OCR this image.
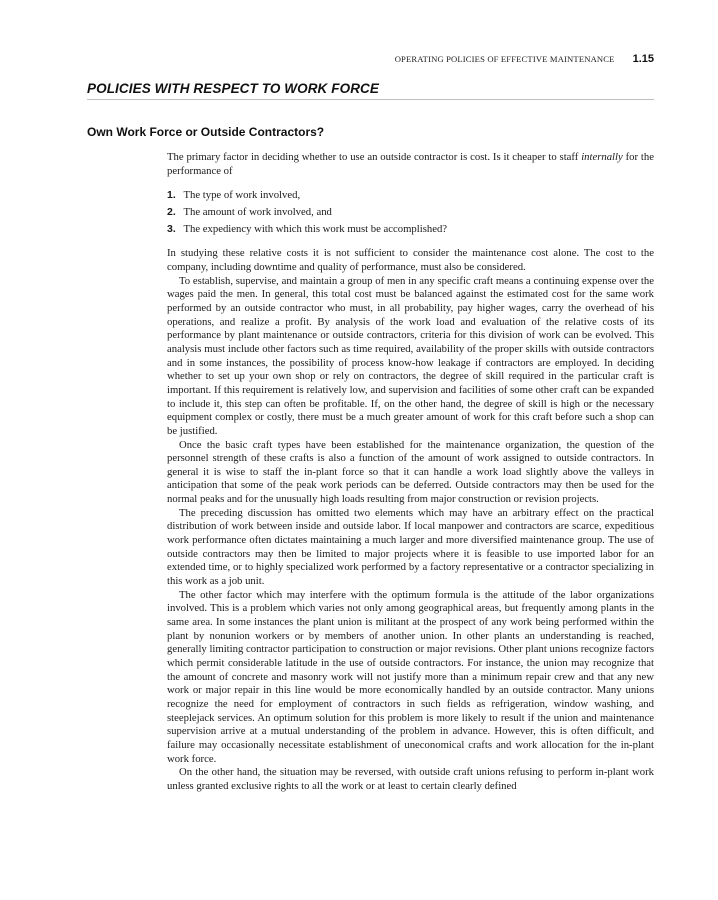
OPERATING POLICIES OF EFFECTIVE MAINTENANCE 1.15
POLICIES WITH RESPECT TO WORK FORCE
Own Work Force or Outside Contractors?

The primary factor in deciding whether to use an outside contractor is cost. Is it cheaper to staff internally for the performance of

1. The type of work involved,
2. The amount of work involved, and
3. The expediency with which this work must be accomplished?

In studying these relative costs it is not sufficient to consider the maintenance cost alone. The cost to the company, including downtime and quality of performance, must also be considered.

To establish, supervise, and maintain a group of men in any specific craft means a continuing expense over the wages paid the men. In general, this total cost must be balanced against the estimated cost for the same work performed by an outside contractor who must, in all probability, pay higher wages, carry the overhead of his operations, and realize a profit. By analysis of the work load and evaluation of the relative costs of its performance by plant maintenance or outside contractors, criteria for this division of work can be evolved. This analysis must include other factors such as time required, availability of the proper skills with outside contractors and in some instances, the possibility of process know-how leakage if contractors are employed. In deciding whether to set up your own shop or rely on contractors, the degree of skill required in the particular craft is important. If this requirement is relatively low, and supervision and facilities of some other craft can be expanded to include it, this step can often be profitable. If, on the other hand, the degree of skill is high or the necessary equipment complex or costly, there must be a much greater amount of work for this craft before such a shop can be justified.

Once the basic craft types have been established for the maintenance organization, the question of the personnel strength of these crafts is also a function of the amount of work assigned to outside contractors. In general it is wise to staff the in-plant force so that it can handle a work load slightly above the valleys in anticipation that some of the peak work periods can be deferred. Outside contractors may then be used for the normal peaks and for the unusually high loads resulting from major construction or revision projects.

The preceding discussion has omitted two elements which may have an arbitrary effect on the practical distribution of work between inside and outside labor. If local manpower and contractors are scarce, expeditious work performance often dictates maintaining a much larger and more diversified maintenance group. The use of outside contractors may then be limited to major projects where it is feasible to use imported labor for an extended time, or to highly specialized work performed by a factory representative or a contractor specializing in this work as a job unit.

The other factor which may interfere with the optimum formula is the attitude of the labor organizations involved. This is a problem which varies not only among geographical areas, but frequently among plants in the same area. In some instances the plant union is militant at the prospect of any work being performed within the plant by nonunion workers or by members of another union. In other plants an understanding is reached, generally limiting contractor participation to construction or major revisions. Other plant unions recognize factors which permit considerable latitude in the use of outside contractors. For instance, the union may recognize that the amount of concrete and masonry work will not justify more than a minimum repair crew and that any new work or major repair in this line would be more economically handled by an outside contractor. Many unions recognize the need for employment of contractors in such fields as refrigeration, window washing, and steeplejack services. An optimum solution for this problem is more likely to result if the union and maintenance supervision arrive at a mutual understanding of the problem in advance. However, this is often difficult, and failure may occasionally necessitate establishment of uneconomical crafts and work allocation for the in-plant work force.

On the other hand, the situation may be reversed, with outside craft unions refusing to perform in-plant work unless granted exclusive rights to all the work or at least to certain clearly defined
